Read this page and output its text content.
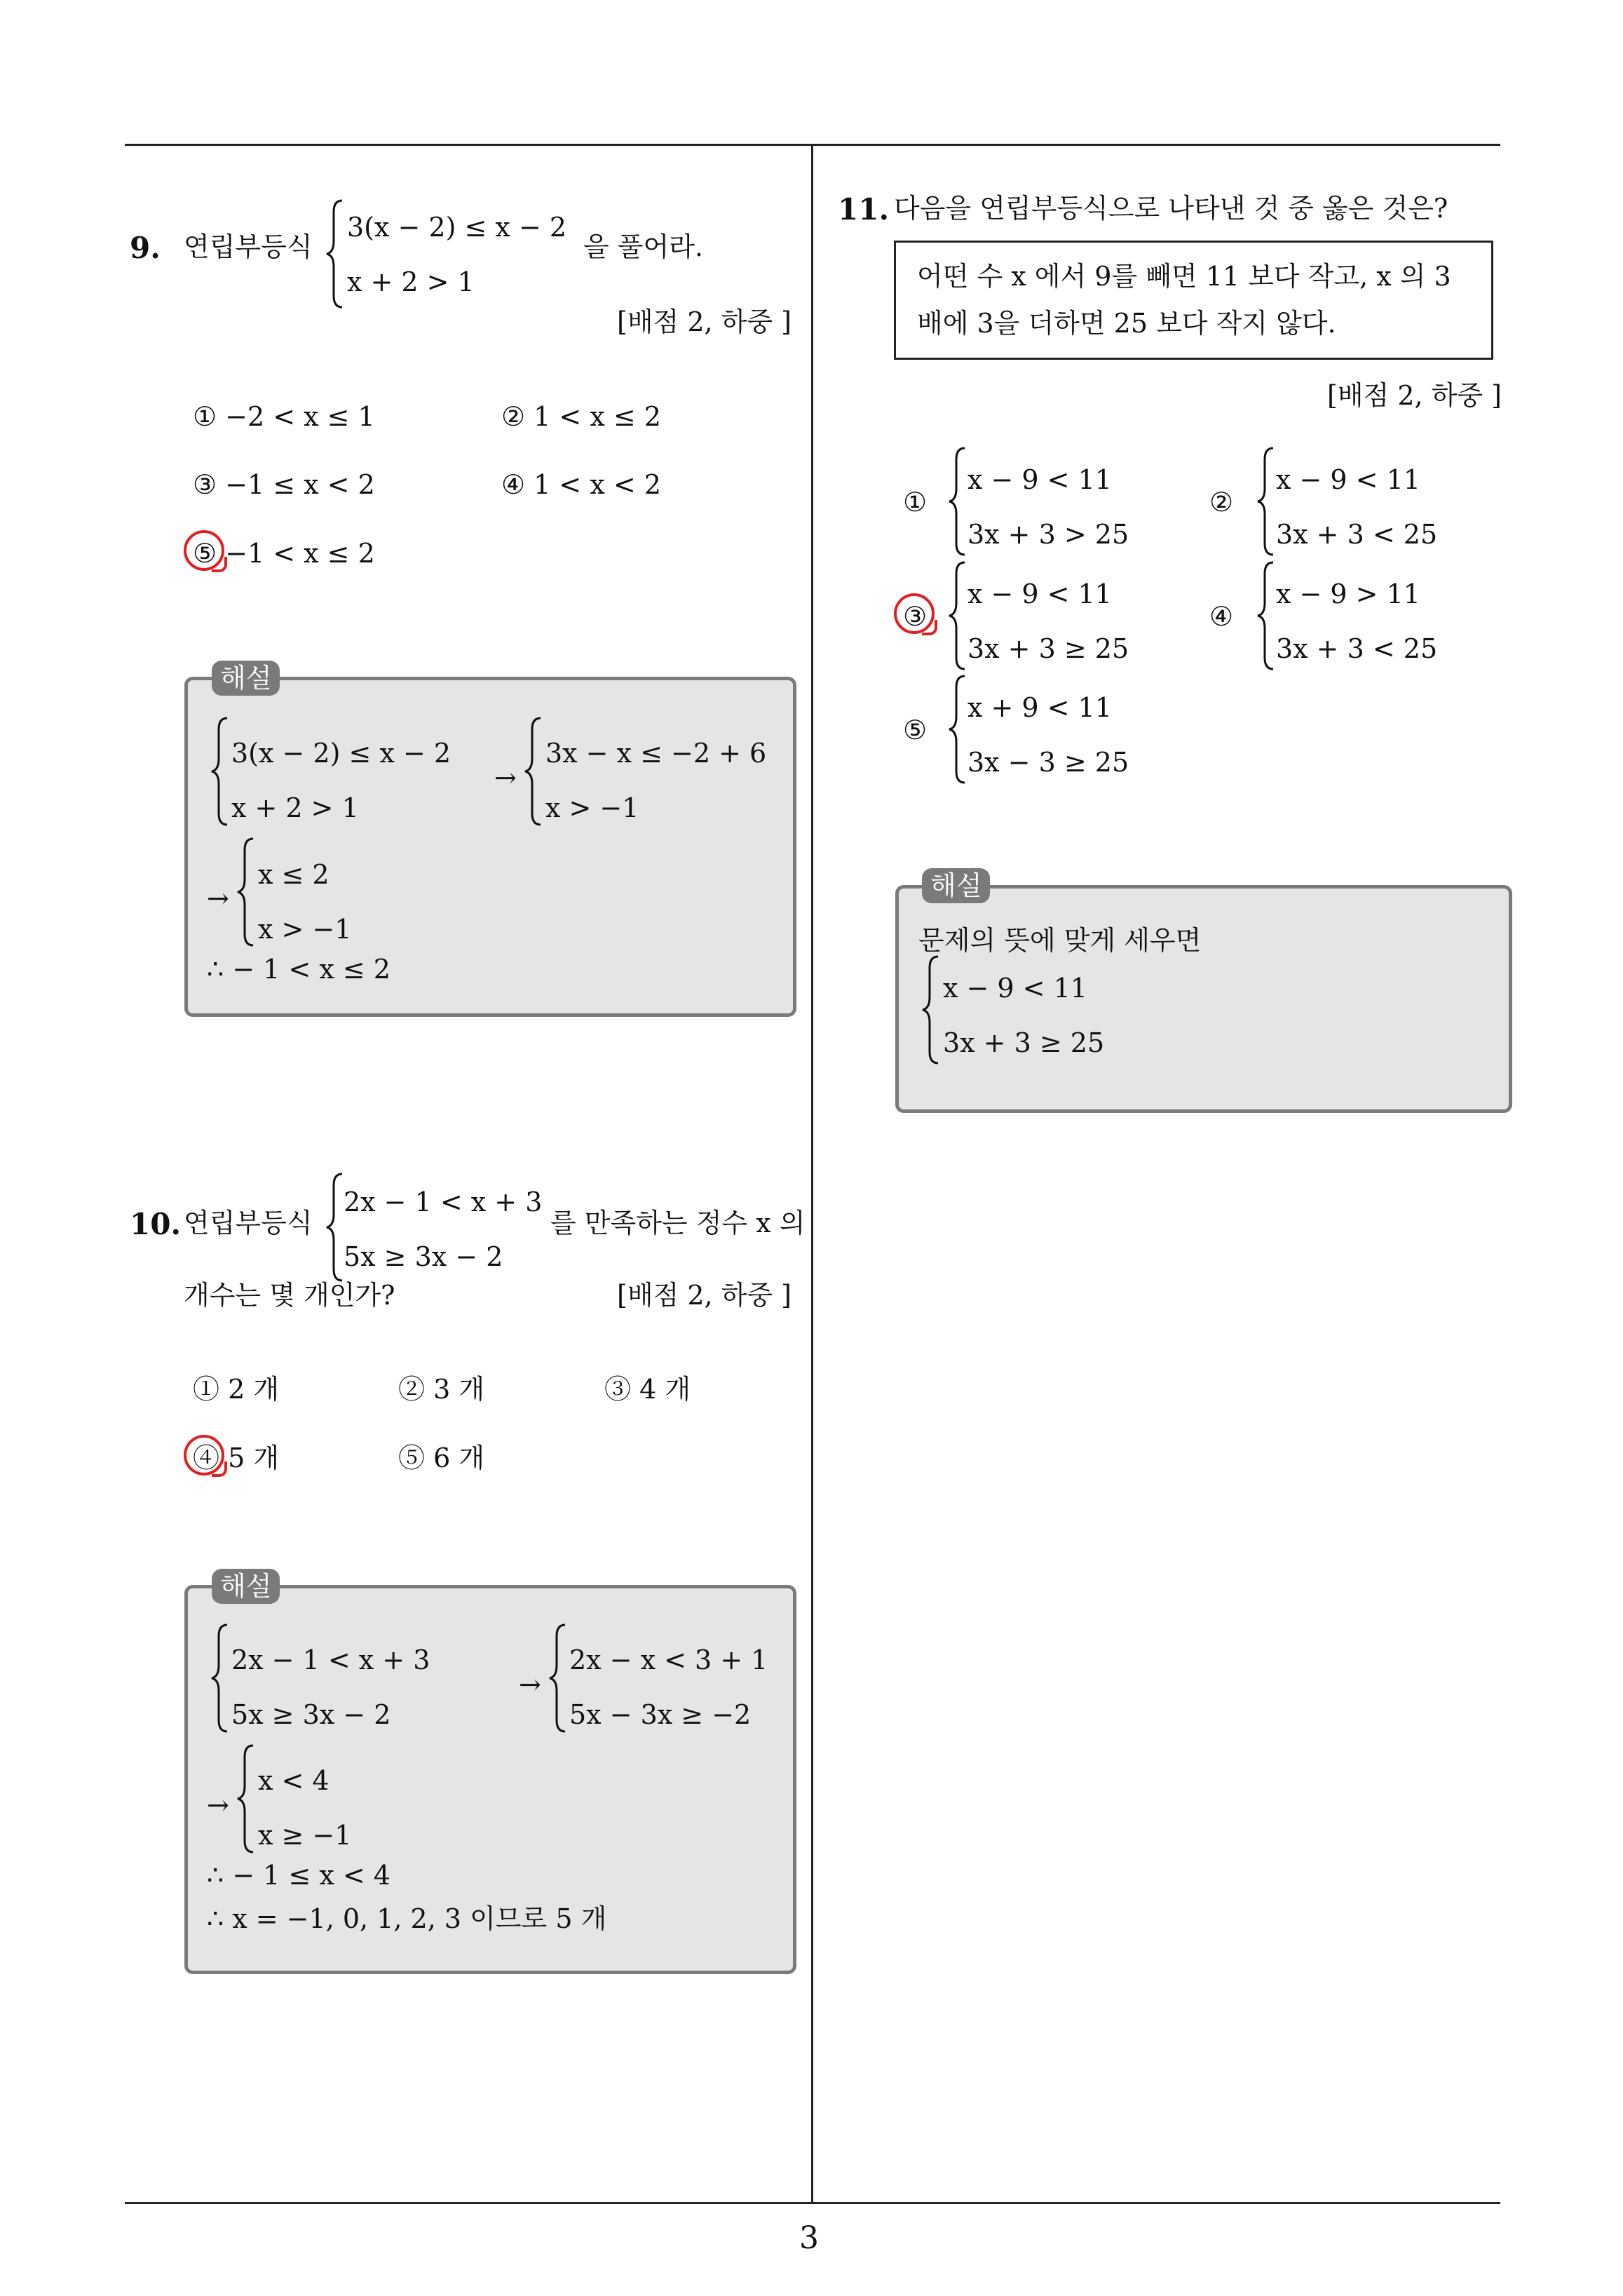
3
9. 연립부등식
3(x − 2) ≤ x − 2
x + 2 > 1
을 풀어라.
[배점 2, 하중 ]
① −2 < x ≤ 1	② 1 < x ≤ 2
③ −1 ≤ x < 2	④ 1 < x < 2
⑤ −1 < x ≤ 2
해설
3(x − 2) ≤ x − 2
x + 2 > 1
→
3x − x ≤ −2 + 6
x > −1
→
x ≤ 2
x > −1
∴ − 1 < x ≤ 2
10. 연립부등식
2x − 1 < x + 3
5x ≥ 3x − 2
를 만족하는 정수 x 의
개수는 몇 개인가?	[배점 2, 하중 ]
① 2 개	② 3 개	③ 4 개
④ 5 개	⑤ 6 개
해설
2x − 1 < x + 3
5x ≥ 3x − 2
→
2x − x < 3 + 1
5x − 3x ≥ −2
→
x < 4
x ≥ −1
∴ − 1 ≤ x < 4
∴ x = −1, 0, 1, 2, 3 이므로 5 개
11. 다음을 연립부등식으로 나타낸 것 중 옳은 것은?
어떤 수 x 에서 9를 빼면 11 보다 작고, x 의 3
배에 3을 더하면 25 보다 작지 않다.
[배점 2, 하중 ]
①
x − 9 < 11
3x + 3 > 25
②
x − 9 < 11
3x + 3 < 25
③
x − 9 < 11
3x + 3 ≥ 25
④
x − 9 > 11
3x + 3 < 25
⑤
x + 9 < 11
3x − 3 ≥ 25
해설
문제의 뜻에 맞게 세우면
x − 9 < 11
3x + 3 ≥ 25
